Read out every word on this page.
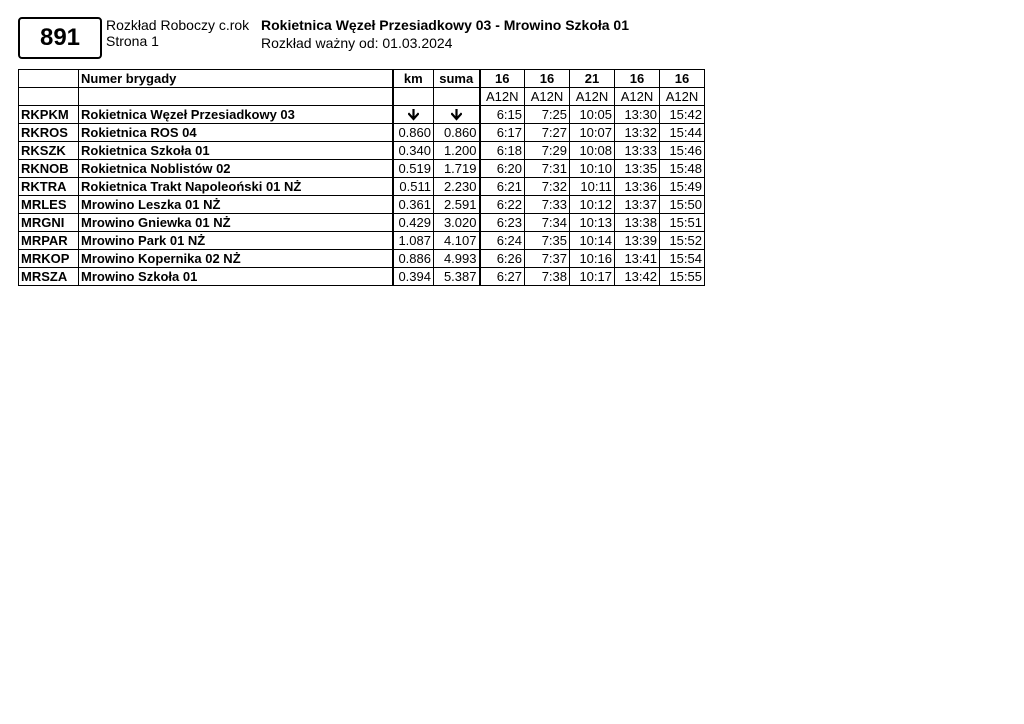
891 Rozkład Roboczy c.rok
Strona 1
Rokietnica Węzeł Przesiadkowy 03 - Mrowino Szkoła 01
Rozkład ważny od: 01.03.2024
	Numer brygady	km	suma	16	16	21	16	16
				A12N	A12N	A12N	A12N	A12N
RKPKM	Rokietnica Węzeł Przesiadkowy 03			6:15	7:25	10:05	13:30	15:42
RKROS	Rokietnica ROS 04	0.860	0.860	6:17	7:27	10:07	13:32	15:44
RKSZK	Rokietnica Szkoła 01	0.340	1.200	6:18	7:29	10:08	13:33	15:46
RKNOB	Rokietnica Noblistów 02	0.519	1.719	6:20	7:31	10:10	13:35	15:48
RKTRA	Rokietnica Trakt Napoleoński 01 NŻ	0.511	2.230	6:21	7:32	10:11	13:36	15:49
MRLES	Mrowino Leszka 01 NŻ	0.361	2.591	6:22	7:33	10:12	13:37	15:50
MRGNI	Mrowino Gniewka 01 NŻ	0.429	3.020	6:23	7:34	10:13	13:38	15:51
MRPAR	Mrowino Park 01 NŻ	1.087	4.107	6:24	7:35	10:14	13:39	15:52
MRKOP	Mrowino Kopernika 02 NŻ	0.886	4.993	6:26	7:37	10:16	13:41	15:54
MRSZA	Mrowino Szkoła 01	0.394	5.387	6:27	7:38	10:17	13:42	15:55
